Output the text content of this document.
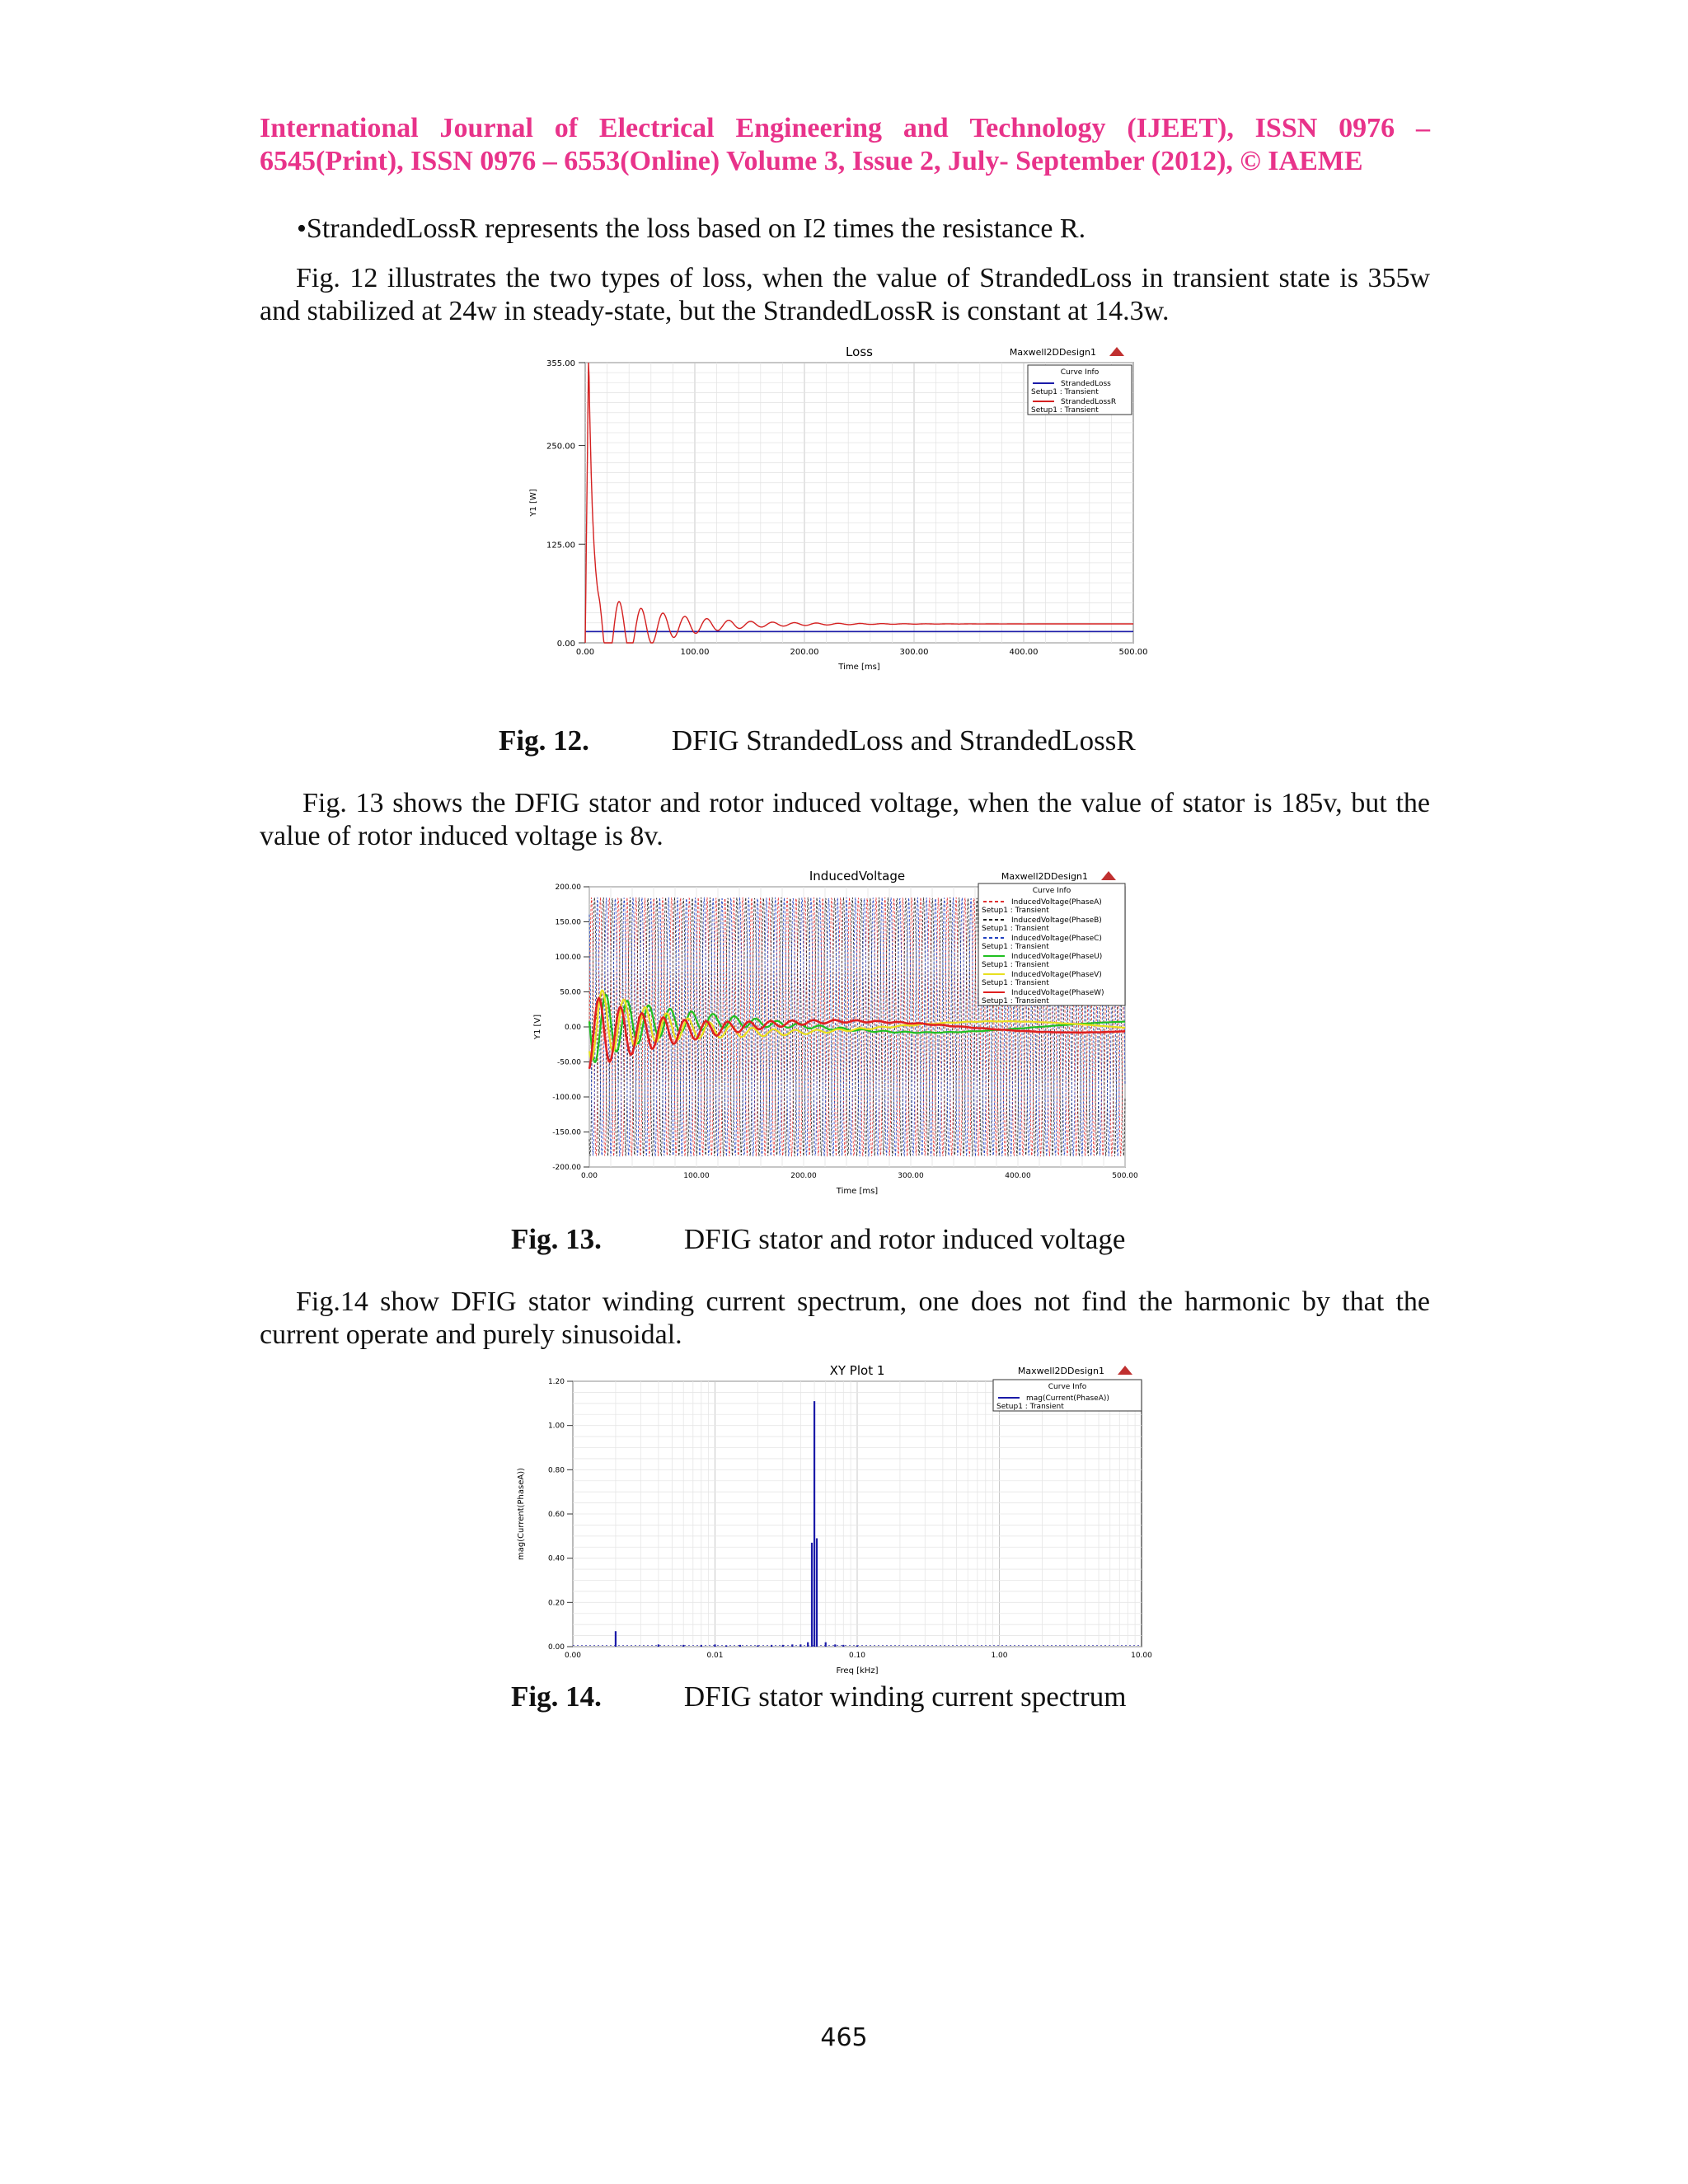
International Journal of Electrical Engineering and Technology (IJEET), ISSN 0976 –
6545(Print), ISSN 0976 – 6553(Online) Volume 3, Issue 2, July- September (2012), © IAEME
•StrandedLossR represents the loss based on I2 times the resistance R.
Fig. 12 illustrates the two types of loss, when the value of StrandedLoss in transient state is 355w and stabilized at 24w in steady-state, but the StrandedLossR is constant at 14.3w.
Loss	Maxwell2DDesign1
Time [ms]
Y1 [W]
0.00	100.00	200.00	300.00	400.00	500.00
0.00
125.00
250.00
355.00
Curve Info
StrandedLoss
Setup1 : Transient
StrandedLossR
Setup1 : Transient
Fig. 12.	DFIG StrandedLoss and StrandedLossR
Fig. 13 shows the DFIG stator and rotor induced voltage, when the value of stator is 185v, but the value of rotor induced voltage is 8v.
InducedVoltage	Maxwell2DDesign1
Time [ms]
Y1 [V]
0.00	100.00	200.00	300.00	400.00	500.00
200.00
150.00
100.00
50.00
0.00
-50.00
-100.00
-150.00
-200.00
Curve Info
InducedVoltage(PhaseA)
Setup1 : Transient
InducedVoltage(PhaseB)
Setup1 : Transient
InducedVoltage(PhaseC)
Setup1 : Transient
InducedVoltage(PhaseU)
Setup1 : Transient
InducedVoltage(PhaseV)
Setup1 : Transient
InducedVoltage(PhaseW)
Setup1 : Transient
Fig. 13.	DFIG stator and rotor induced voltage
Fig.14 show DFIG stator winding current spectrum, one does not find the harmonic by that the current operate and purely sinusoidal.
XY Plot 1	Maxwell2DDesign1
Freq [kHz]
mag(Current(PhaseA))
0.00	0.01	0.10	1.00	10.00
0.00
0.20
0.40
0.60
0.80
1.00
1.20
Curve Info
mag(Current(PhaseA))
Setup1 : Transient
Fig. 14.	DFIG stator winding current spectrum
465
